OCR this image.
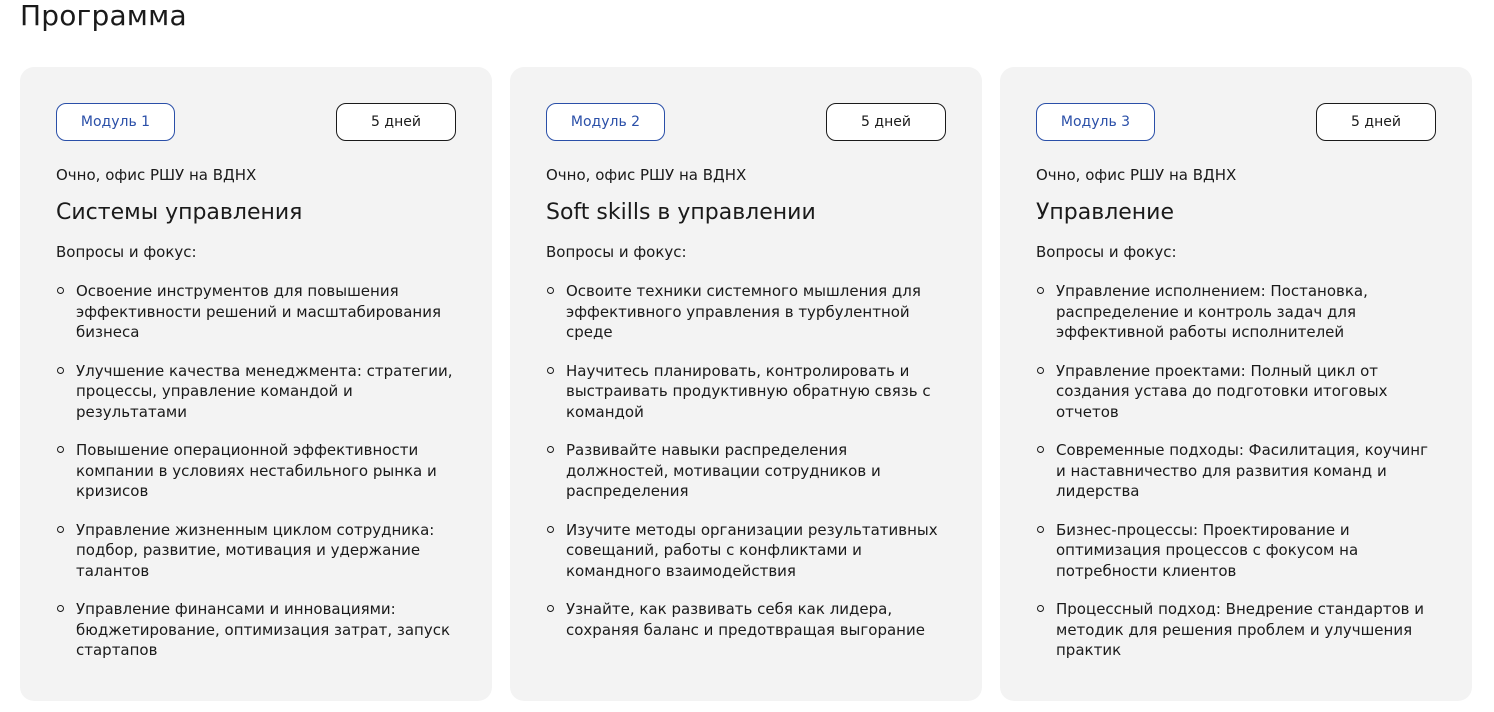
Программа
Модуль 1	5 дней
Очно, офис РШУ на ВДНХ
Системы управления
Вопросы и фокус:
Освоение инструментов для повышения эффективности решений и масштабирования бизнеса
Улучшение качества менеджмента: стратегии, процессы, управление командой и результатами
Повышение операционной эффективности компании в условиях нестабильного рынка и кризисов
Управление жизненным циклом сотрудника: подбор, развитие, мотивация и удержание талантов
Управление финансами и инновациями: бюджетирование, оптимизация затрат, запуск стартапов
Модуль 2	5 дней
Очно, офис РШУ на ВДНХ
Soft skills в управлении
Вопросы и фокус:
Освоите техники системного мышления для эффективного управления в турбулентной среде
Научитесь планировать, контролировать и выстраивать продуктивную обратную связь с командой
Развивайте навыки распределения должностей, мотивации сотрудников и распределения
Изучите методы организации результативных совещаний, работы с конфликтами и командного взаимодействия
Узнайте, как развивать себя как лидера, сохраняя баланс и предотвращая выгорание
Модуль 3	5 дней
Очно, офис РШУ на ВДНХ
Управление
Вопросы и фокус:
Управление исполнением: Постановка, распределение и контроль задач для эффективной работы исполнителей
Управление проектами: Полный цикл от создания устава до подготовки итоговых отчетов
Современные подходы: Фасилитация, коучинг и наставничество для развития команд и лидерства
Бизнес-процессы: Проектирование и оптимизация процессов с фокусом на потребности клиентов
Процессный подход: Внедрение стандартов и методик для решения проблем и улучшения практик
